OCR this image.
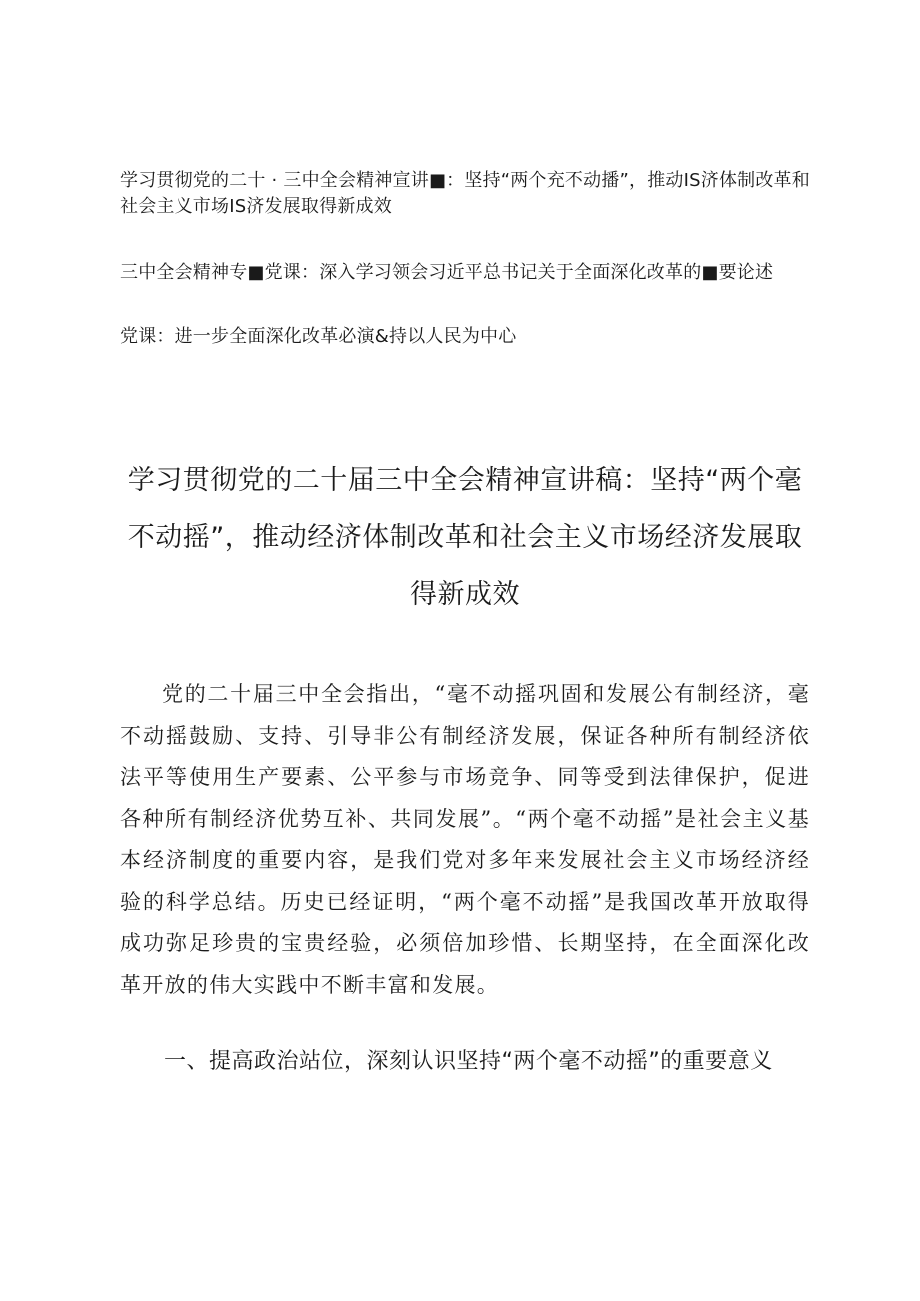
学习贯彻党的二十 · 三中全会精神宣讲■：坚持“两个充不动播”，推动IS济体制改革和社会主义市场IS济发展取得新成效
三中全会精神专■党课：深入学习领会习近平总书记关于全面深化改革的■要论述
党课：进一步全面深化改革必演&持以人民为中心
学习贯彻党的二十届三中全会精神宣讲稿：坚持“两个毫不动摇”，推动经济体制改革和社会主义市场经济发展取得新成效
党的二十届三中全会指出，“毫不动摇巩固和发展公有制经济，毫不动摇鼓励、支持、引导非公有制经济发展，保证各种所有制经济依法平等使用生产要素、公平参与市场竞争、同等受到法律保护，促进各种所有制经济优势互补、共同发展”。“两个毫不动摇”是社会主义基本经济制度的重要内容，是我们党对多年来发展社会主义市场经济经验的科学总结。历史已经证明，“两个毫不动摇”是我国改革开放取得成功弥足珍贵的宝贵经验，必须倍加珍惜、长期坚持，在全面深化改革开放的伟大实践中不断丰富和发展。
一、提高政治站位，深刻认识坚持“两个毫不动摇”的重要意义
